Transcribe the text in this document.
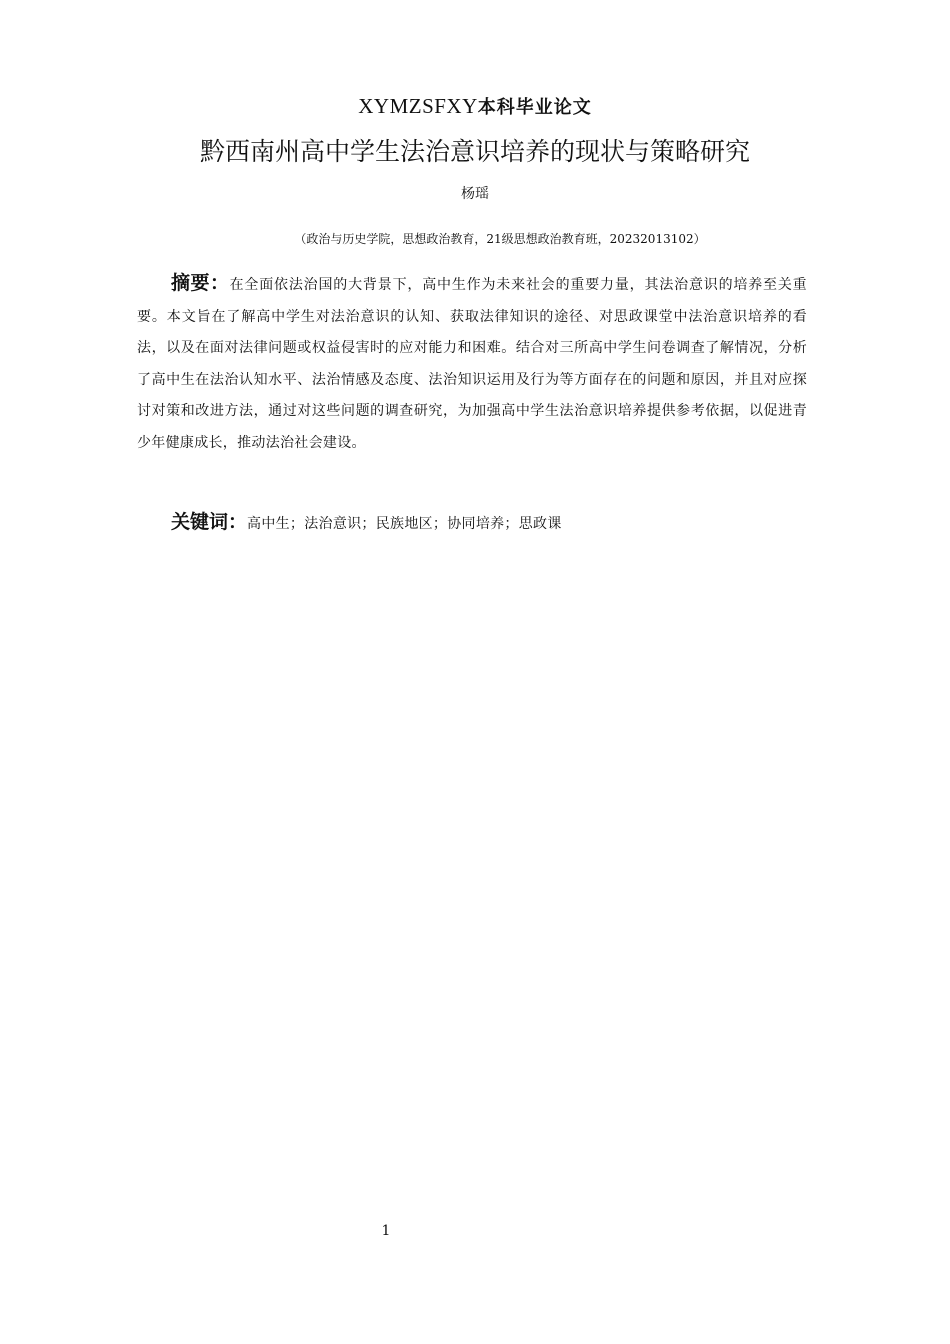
XYMZSFXY本科毕业论文
黔西南州高中学生法治意识培养的现状与策略研究
杨瑶
（政治与历史学院，思想政治教育，21级思想政治教育班，20232013102）
摘要：在全面依法治国的大背景下，高中生作为未来社会的重要力量，其法治意识的培养至关重要。本文旨在了解高中学生对法治意识的认知、获取法律知识的途径、对思政课堂中法治意识培养的看法，以及在面对法律问题或权益侵害时的应对能力和困难。结合对三所高中学生问卷调查了解情况，分析了高中生在法治认知水平、法治情感及态度、法治知识运用及行为等方面存在的问题和原因，并且对应探讨对策和改进方法，通过对这些问题的调查研究，为加强高中学生法治意识培养提供参考依据，以促进青少年健康成长，推动法治社会建设。
关键词：高中生；法治意识；民族地区；协同培养；思政课
1
